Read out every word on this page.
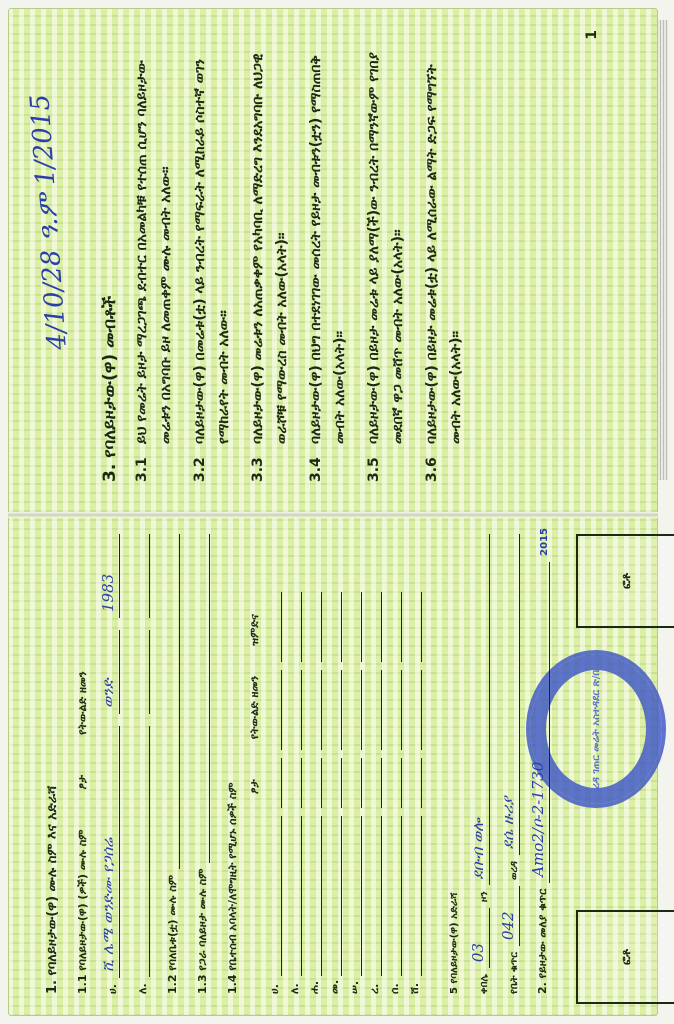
4/10/28 ዓ.ም 1/2015
3. የባለይዞታው(ዋ) መብቶች 3.1
ይህ የመሬት ይዞታ ማረጋገጫ ደብተር በአመልካቹ የተሰጠ ሲሆን ባለይዞታው መሬቱን በአግባቡ ይዞ ለመጠቀም ሙሉ መብት አለው።
3.2
ባለይዞታው(ዋ) በመሬቱ(ቷ) ላይ ንብረት የማፍራት ለሚከራይ ሶስተኛ ወገን የማከራየት መብት አለው።
3.3
ባለይዞታው(ዋ) መሬቱን ለአጠቃቀም የአካባቢ ለማድረግ እንደአግባቡ ለህጋዊ ወራሾቹ የማውረስ መብት አለው(አላት)።
3.4
ባለይዞታው(ዋ) በህግ በተደነገገው መሰረት የይዞታ መብቱን(ቷን) የማስጠበቅ መብት አለው(አላት)።
3.5
ባለይዞታው(ዋ) በይዞታ መሬቱ ላይ ያለማ(ች)ው ንብረት በማንኛውም የገበያ መደበኛ ዋጋ መሸጥ መብት አለው(አላት)።
3.6
ባለይዞታው(ዋ) በይዞታ መሬቱ(ቷ) ላይ ለሚሰራው ልማት ድጋፍ የማግኘት መብት አለው(አላት)።
1
ፎቶ
ፎቶ
ወረዳ ገጠር መሬት አስተዳደር ጽ/ቤት
1. የባለይዞታው(ዋ) ሙሉ ስም እና አድራሻ 1.1 የባለይዞታው(ዋ) (ዎች) ሙሉ ስም
ፆታ
የትውልድ ዘመን
ሀ.
ሺ ሌሜ ወንድሙ የጋሰሬ
ወንድ
1983
ለ. 1.2 የባለቤቱ(ቷ) ሙሉ ስም 1.3 የጋራ ባለይዞታ ሙሉ ስም 1.4 የቤተሰብ አባላት/ለሞግዚት የሚሆኑ ሰዎች ስም ፆታ
የትውልድ ዘመን
ዝምድና
ሀ. ለ. ሐ. መ. ሠ. ረ. ሰ. ሸ.	5 የባለይዞታው(ዋ) አድራሻ ቀበሌ
03
ዞን
ደቡብ ወሎ
የቤት ቁጥር
042
ወረዳ
ደሴ ዙሪያ
2. የይዞታው መለያ ቁጥር
Amo2/ቦ-2-1730
2015
